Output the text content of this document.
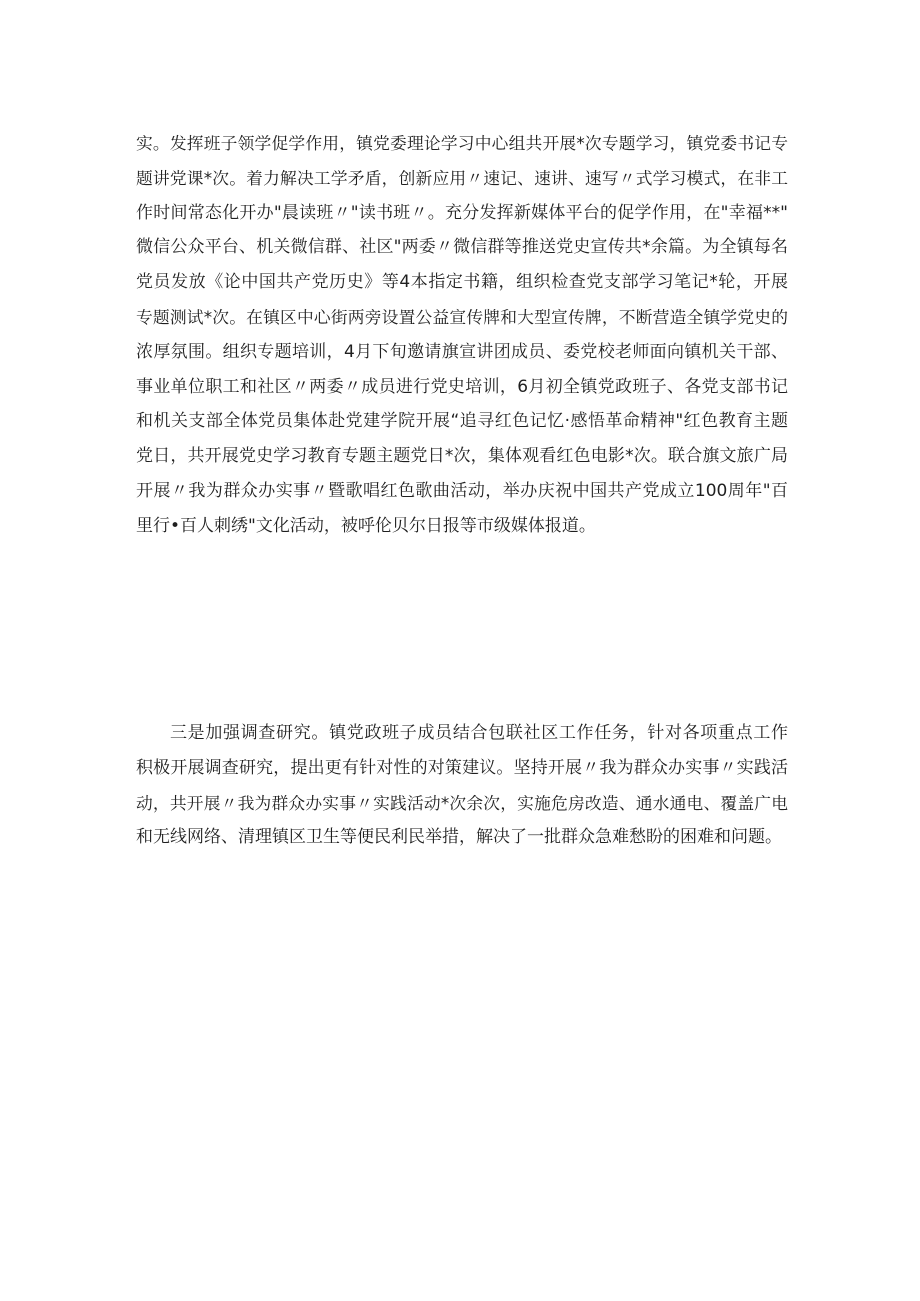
实。发挥班子领学促学作用，镇党委理论学习中心组共开展*次专题学习，镇党委书记专
题讲党课*次。着力解决工学矛盾，创新应用〃速记、速讲、速写〃式学习模式，在非工
作时间常态化开办"晨读班〃"读书班〃。充分发挥新媒体平台的促学作用，在"幸福**"
微信公众平台、机关微信群、社区"两委〃微信群等推送党史宣传共*余篇。为全镇每名
党员发放《论中国共产党历史》等4本指定书籍，组织检查党支部学习笔记*轮，开展
专题测试*次。在镇区中心街两旁设置公益宣传牌和大型宣传牌，不断营造全镇学党史的
浓厚氛围。组织专题培训，4月下旬邀请旗宣讲团成员、委党校老师面向镇机关干部、
事业单位职工和社区〃两委〃成员进行党史培训，6月初全镇党政班子、各党支部书记
和机关支部全体党员集体赴党建学院开展“追寻红色记忆·感悟革命精神"红色教育主题
党日，共开展党史学习教育专题主题党日*次，集体观看红色电影*次。联合旗文旅广局
开展〃我为群众办实事〃暨歌唱红色歌曲活动，举办庆祝中国共产党成立100周年"百
里行•百人刺绣"文化活动，被呼伦贝尔日报等市级媒体报道。
三是加强调查研究。镇党政班子成员结合包联社区工作任务，针对各项重点工作
积极开展调查研究，提出更有针对性的对策建议。坚持开展〃我为群众办实事〃实践活
动，共开展〃我为群众办实事〃实践活动*次余次，实施危房改造、通水通电、覆盖广电
和无线网络、清理镇区卫生等便民利民举措，解决了一批群众急难愁盼的困难和问题。
